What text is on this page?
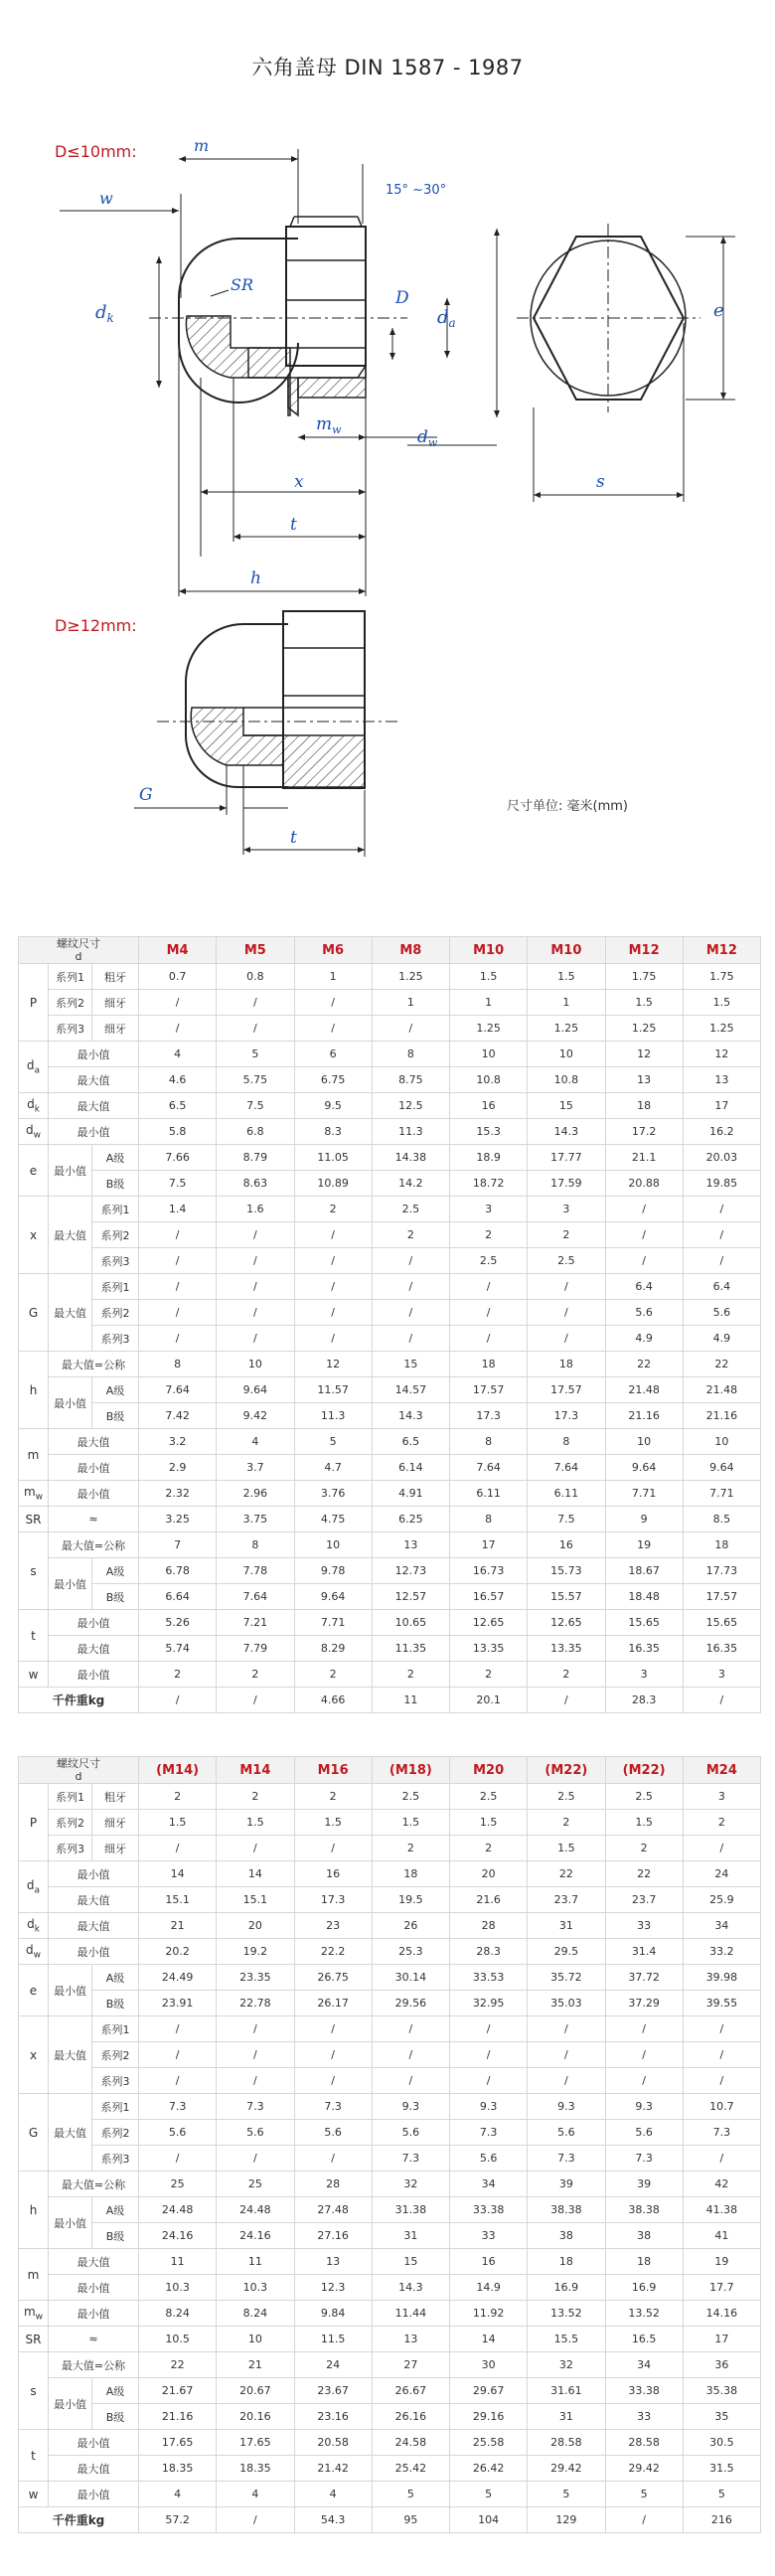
六角盖母 DIN 1587 - 1987
D≤10mm:	m
w	15° ~30°
SR
$d_k$
D
$d_a$
$m_w$	$d_w$
x
t
h
e
s
D≥12mm:
G
t
尺寸单位: 毫米(mm)
螺纹尺寸
d			M4	M5	M6	M8	M10	M10	M12	M12
P	系列1	粗牙	0.7	0.8	1	1.25	1.5	1.5	1.75	1.75
	系列2	细牙	/	/	/	1	1	1	1.5	1.5
	系列3	细牙	/	/	/	/	1.25	1.25	1.25	1.25
$d_a$	最小值		4	5	6	8	10	10	12	12
	最大值		4.6	5.75	6.75	8.75	10.8	10.8	13	13
$d_k$	最大值		6.5	7.5	9.5	12.5	16	15	18	17
$d_w$	最小值		5.8	6.8	8.3	11.3	15.3	14.3	17.2	16.2
e	最小值	A级	7.66	8.79	11.05	14.38	18.9	17.77	21.1	20.03
		B级	7.5	8.63	10.89	14.2	18.72	17.59	20.88	19.85
x	最大值	系列1	1.4	1.6	2	2.5	3	3	/	/
		系列2	/	/	/	2	2	2	/	/
		系列3	/	/	/	/	2.5	2.5	/	/
G	最大值	系列1	/	/	/	/	/	/	6.4	6.4
		系列2	/	/	/	/	/	/	5.6	5.6
		系列3	/	/	/	/	/	/	4.9	4.9
h	最大值=公称		8	10	12	15	18	18	22	22
	最小值	A级	7.64	9.64	11.57	14.57	17.57	17.57	21.48	21.48
		B级	7.42	9.42	11.3	14.3	17.3	17.3	21.16	21.16
m	最大值		3.2	4	5	6.5	8	8	10	10
	最小值		2.9	3.7	4.7	6.14	7.64	7.64	9.64	9.64
$m_w$	最小值		2.32	2.96	3.76	4.91	6.11	6.11	7.71	7.71
SR	≈		3.25	3.75	4.75	6.25	8	7.5	9	8.5
s	最大值=公称		7	8	10	13	17	16	19	18
	最小值	A级	6.78	7.78	9.78	12.73	16.73	15.73	18.67	17.73
		B级	6.64	7.64	9.64	12.57	16.57	15.57	18.48	17.57
t	最小值		5.26	7.21	7.71	10.65	12.65	12.65	15.65	15.65
	最大值		5.74	7.79	8.29	11.35	13.35	13.35	16.35	16.35
w	最小值		2	2	2	2	2	2	3	3
千件重kg			/	/	4.66	11	20.1	/	28.3	/
螺纹尺寸
d			(M14)	M14	M16	(M18)	M20	(M22)	(M22)	M24
P	系列1	粗牙	2	2	2	2.5	2.5	2.5	2.5	3
	系列2	细牙	1.5	1.5	1.5	1.5	1.5	2	1.5	2
	系列3	细牙	/	/	/	2	2	1.5	2	/
$d_a$	最小值		14	14	16	18	20	22	22	24
	最大值		15.1	15.1	17.3	19.5	21.6	23.7	23.7	25.9
$d_k$	最大值		21	20	23	26	28	31	33	34
$d_w$	最小值		20.2	19.2	22.2	25.3	28.3	29.5	31.4	33.2
e	最小值	A级	24.49	23.35	26.75	30.14	33.53	35.72	37.72	39.98
		B级	23.91	22.78	26.17	29.56	32.95	35.03	37.29	39.55
x	最大值	系列1	/	/	/	/	/	/	/	/
		系列2	/	/	/	/	/	/	/	/
		系列3	/	/	/	/	/	/	/	/
G	最大值	系列1	7.3	7.3	7.3	9.3	9.3	9.3	9.3	10.7
		系列2	5.6	5.6	5.6	5.6	7.3	5.6	5.6	7.3
		系列3	/	/	/	7.3	5.6	7.3	7.3	/
h	最大值=公称		25	25	28	32	34	39	39	42
	最小值	A级	24.48	24.48	27.48	31.38	33.38	38.38	38.38	41.38
		B级	24.16	24.16	27.16	31	33	38	38	41
m	最大值		11	11	13	15	16	18	18	19
	最小值		10.3	10.3	12.3	14.3	14.9	16.9	16.9	17.7
$m_w$	最小值		8.24	8.24	9.84	11.44	11.92	13.52	13.52	14.16
SR	≈		10.5	10	11.5	13	14	15.5	16.5	17
s	最大值=公称		22	21	24	27	30	32	34	36
	最小值	A级	21.67	20.67	23.67	26.67	29.67	31.61	33.38	35.38
		B级	21.16	20.16	23.16	26.16	29.16	31	33	35
t	最小值		17.65	17.65	20.58	24.58	25.58	28.58	28.58	30.5
	最大值		18.35	18.35	21.42	25.42	26.42	29.42	29.42	31.5
w	最小值		4	4	4	5	5	5	5	5
千件重kg			57.2	/	54.3	95	104	129	/	216
